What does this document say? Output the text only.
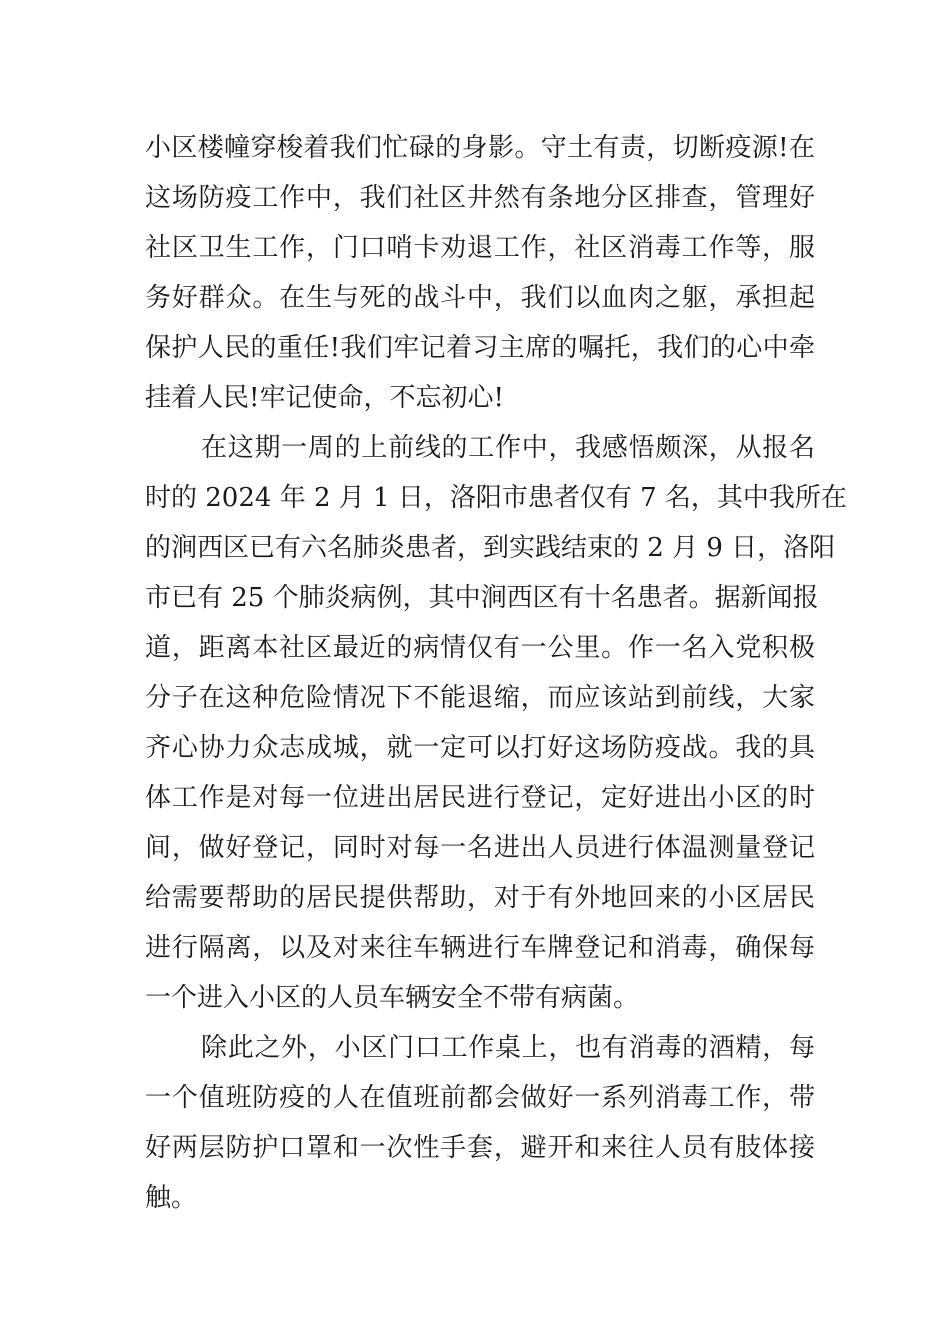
小区楼幢穿梭着我们忙碌的身影。守土有责，切断疫源!在
这场防疫工作中，我们社区井然有条地分区排查，管理好
社区卫生工作，门口哨卡劝退工作，社区消毒工作等，服
务好群众。在生与死的战斗中，我们以血肉之躯，承担起
保护人民的重任!我们牢记着习主席的嘱托，我们的心中牵
挂着人民!牢记使命，不忘初心!
在这期一周的上前线的工作中，我感悟颇深，从报名
时的 2024 年 2 月 1 日，洛阳市患者仅有 7 名，其中我所在
的涧西区已有六名肺炎患者，到实践结束的 2 月 9 日，洛阳
市已有 25 个肺炎病例，其中涧西区有十名患者。据新闻报
道，距离本社区最近的病情仅有一公里。作一名入党积极
分子在这种危险情况下不能退缩，而应该站到前线，大家
齐心协力众志成城，就一定可以打好这场防疫战。我的具
体工作是对每一位进出居民进行登记，定好进出小区的时
间，做好登记，同时对每一名进出人员进行体温测量登记
给需要帮助的居民提供帮助，对于有外地回来的小区居民
进行隔离，以及对来往车辆进行车牌登记和消毒，确保每
一个进入小区的人员车辆安全不带有病菌。
除此之外，小区门口工作桌上，也有消毒的酒精，每
一个值班防疫的人在值班前都会做好一系列消毒工作，带
好两层防护口罩和一次性手套，避开和来往人员有肢体接
触。
